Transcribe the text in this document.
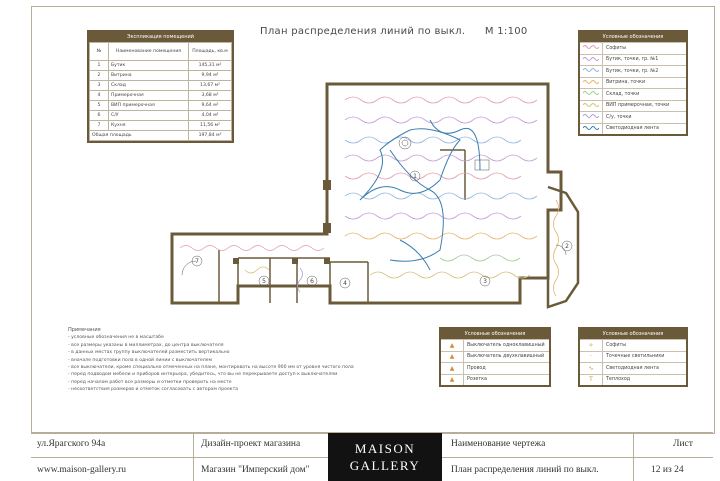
План распределения линий по выкл. М 1:100
Экспликация помещений
№	Наименование помещения	Площадь, кв.м
1	Бутик	145,31 м²
2	Витрина	9,94 м²
3	Склад	13,67 м²
4	Примерочная	3,68 м²
5	ВИП примерочная	9,64 м²
6	С/У	4,04 м²
7	Кухня	11,56 м²
Общая площадь		197,84 м²
Условные обозначения
Софиты
Бутик, точки, гр. №1
Бутик, точки, гр. №2
Витрина, точки
Склад, точки
ВИП примерочная, точки
С/у, точки
Светодиодная лента
1
2
3
4
5	6
7
Примечания
- условные обозначения не в масштабе
- все размеры указаны в миллиметрах, до центра выключателя
- в данных местах группу выключателей разместить вертикально
- вначале подготовки пола в одной линии с выключателем
- все выключатели, кроме специально отмеченных на плане, монтировать на высоте 900 мм от уровня чистого пола
- перед подводом мебели и приборов интерьера, убедитесь, что вы не перекрываете доступ к выключателям
- перед началом работ все размеры и отметки проверить на месте
- несоответствия размеров и отметок согласовать с автором проекта
Условные обозначения
▲	Выключатель одноклавишный
▲	Выключатель двухклавишный
▲	Провод
▲	Розетка
Условные обозначения
✧	Софиты
·	Точечные светильники
∿	Светодиодная лента
Т	Теплоход
ул.Ярагского 94а
www.maison-gallery.ru
Дизайн-проект магазина
Магазин "Имперский дом"
MAISON
GALLERY
Наименование чертежа
План распределения линий по выкл.
Лист
12 из 24
